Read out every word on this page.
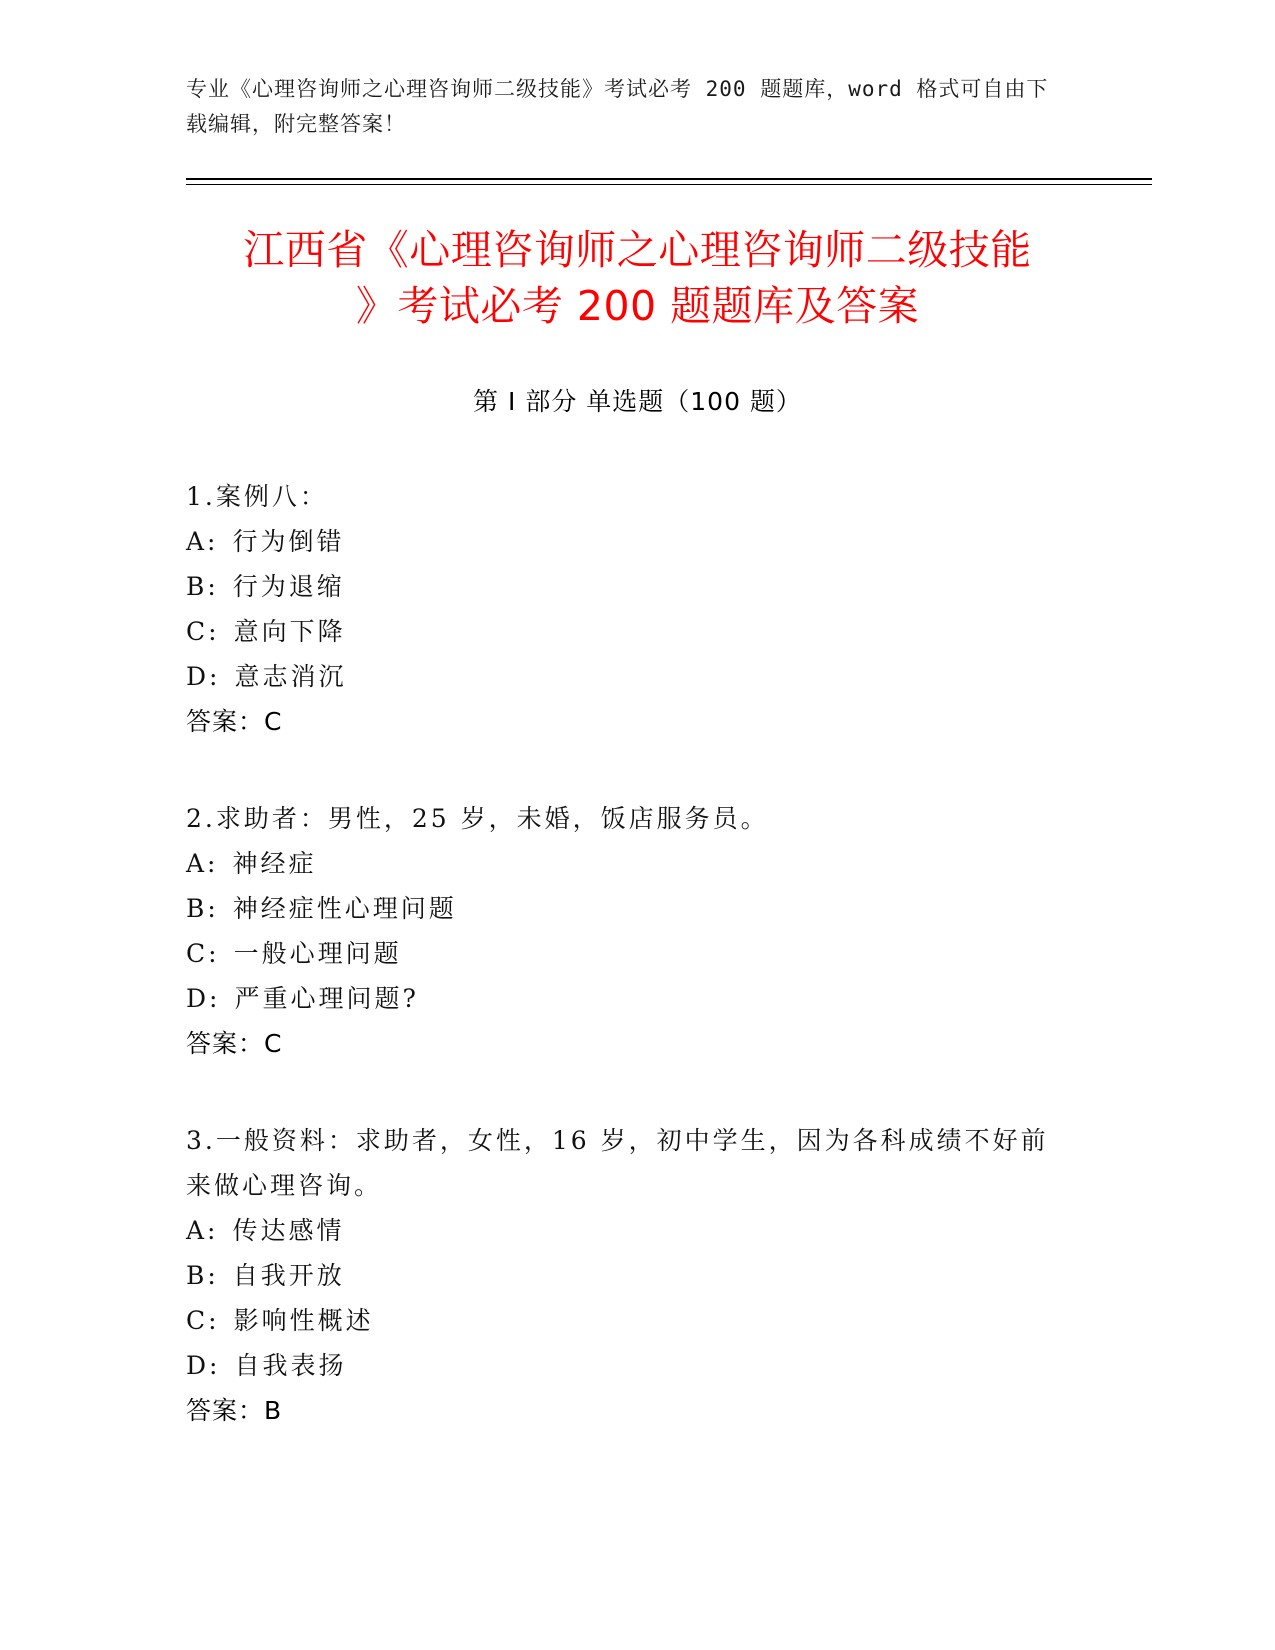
专业《心理咨询师之心理咨询师二级技能》考试必考 200 题题库，word 格式可自由下载编辑，附完整答案！
江西省《心理咨询师之心理咨询师二级技能
》考试必考 200 题题库及答案
第 I 部分 单选题（100 题）
1.案例八：
A: 行为倒错
B: 行为退缩
C: 意向下降
D: 意志消沉
答案：C
2.求助者：男性，25 岁，未婚，饭店服务员。
A: 神经症
B: 神经症性心理问题
C: 一般心理问题
D: 严重心理问题?
答案：C
3.一般资料：求助者，女性，16 岁，初中学生，因为各科成绩不好前来做心理咨询。
A: 传达感情
B: 自我开放
C: 影响性概述
D: 自我表扬
答案：B
